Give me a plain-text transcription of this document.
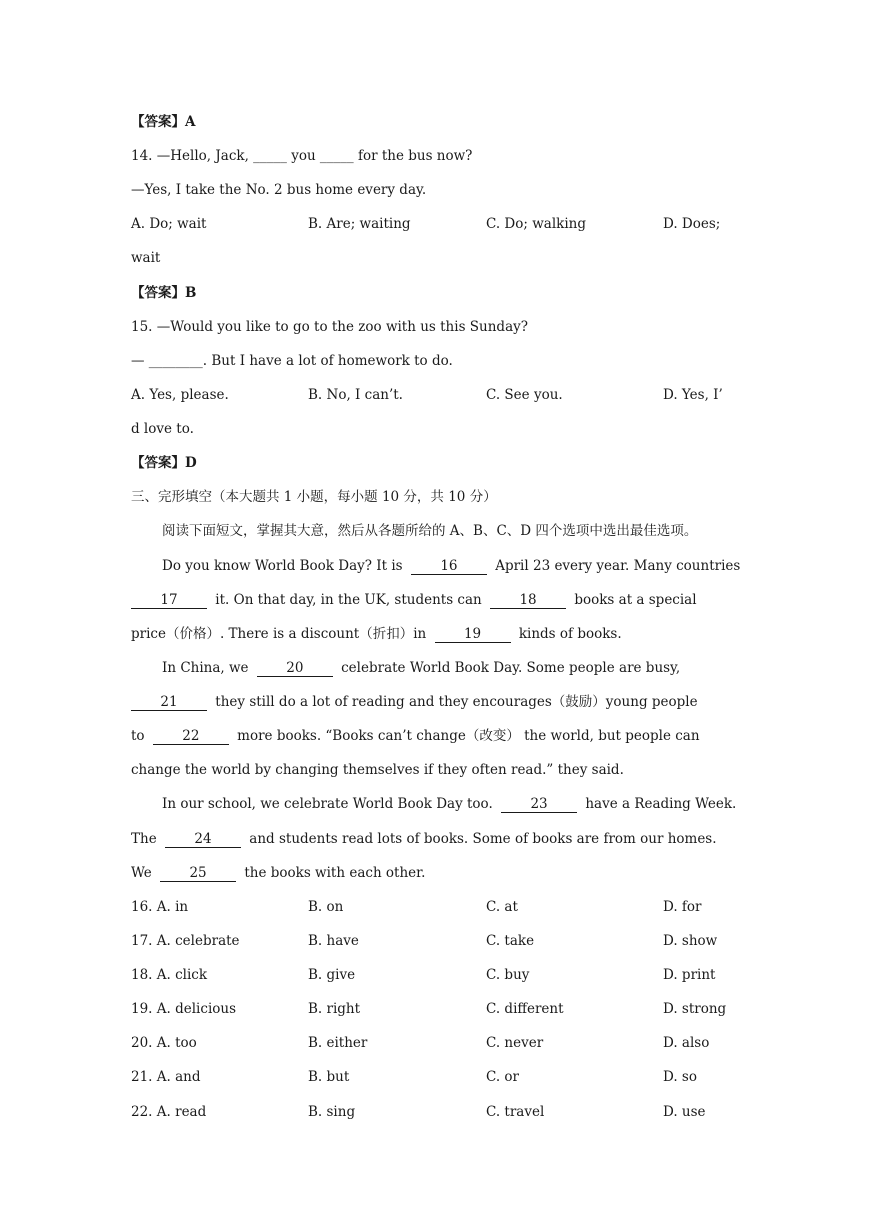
【答案】A
14. —Hello, Jack, _____ you _____ for the bus now?
—Yes, I take the No. 2 bus home every day.
A. Do; wait	B. Are; waiting	C. Do; walking	D. Does;
wait
【答案】B
15. —Would you like to go to the zoo with us this Sunday?
— ________. But I have a lot of homework to do.
A. Yes, please.	B. No, I can’t.	C. See you.	D. Yes, I’
d love to.
【答案】D
三、完形填空（本大题共 1 小题，每小题 10 分，共 10 分）
阅读下面短文，掌握其大意，然后从各题所给的 A、B、C、D 四个选项中选出最佳选项。
Do you know World Book Day? It is	16	April 23 every year. Many countries
17	it. On that day, in the UK, students can	18	books at a special
price（价格）. There is a discount（折扣）in	19	kinds of books.
In China, we	20	celebrate World Book Day. Some people are busy,
21	they still do a lot of reading and they encourages（鼓励）young people
to	22	more books. “Books can’t change（改变） the world, but people can
change the world by changing themselves if they often read.” they said.
In our school, we celebrate World Book Day too.	23	have a Reading Week.
The	24	and students read lots of books. Some of books are from our homes.
We	25	the books with each other.
16. A. in	B. on	C. at	D. for
17. A. celebrate	B. have	C. take	D. show
18. A. click	B. give	C. buy	D. print
19. A. delicious	B. right	C. different	D. strong
20. A. too	B. either	C. never	D. also
21. A. and	B. but	C. or	D. so
22. A. read	B. sing	C. travel	D. use
